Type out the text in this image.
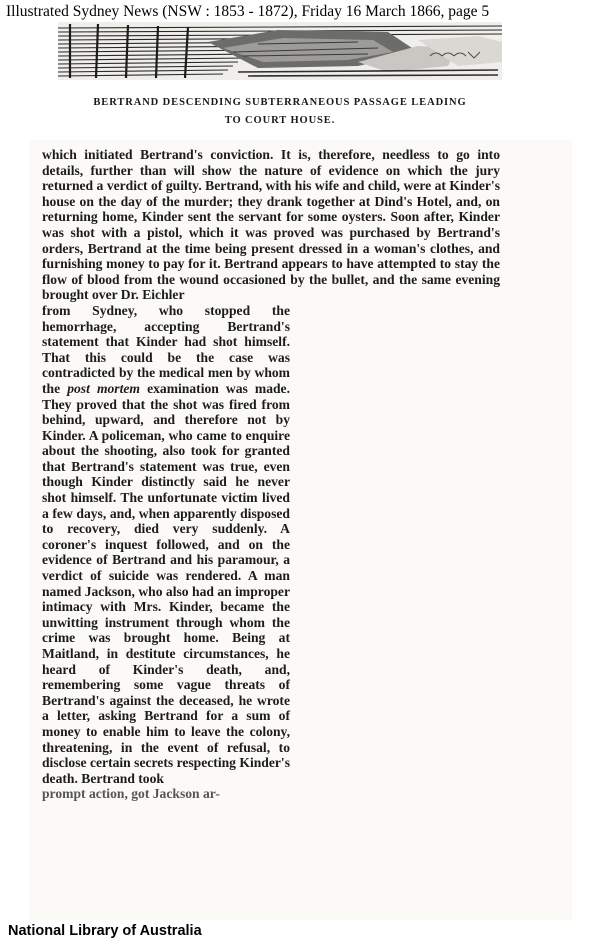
Illustrated Sydney News (NSW : 1853 - 1872), Friday 16 March 1866, page 5
BERTRAND DESCENDING SUBTERRANEOUS PASSAGE LEADING
TO COURT HOUSE.

which initiated Bertrand's conviction. It is, therefore, needless to go into details, further than will show the nature of evidence on which the jury returned a verdict of guilty. Bertrand, with his wife and child, were at Kinder's house on the day of the murder; they drank together at Dind's Hotel, and, on returning home, Kinder sent the servant for some oysters. Soon after, Kinder was shot with a pistol, which it was proved was purchased by Bertrand's orders, Bertrand at the time being present dressed in a woman's clothes, and furnishing money to pay for it. Bertrand appears to have attempted to stay the flow of blood from the wound occasioned by the bullet, and the same evening brought over Dr. Eichler

from Sydney, who stopped the hemorrhage, accepting Bertrand's statement that Kinder had shot himself. That this could be the case was contradicted by the medical men by whom the post mortem examination was made. They proved that the shot was fired from behind, upward, and therefore not by Kinder. A policeman, who came to enquire about the shooting, also took for granted that Bertrand's statement was true, even though Kinder distinctly said he never shot himself. The unfortunate victim lived a few days, and, when apparently disposed to recovery, died very suddenly. A coroner's inquest followed, and on the evidence of Bertrand and his paramour, a verdict of suicide was rendered. A man named Jackson, who also had an improper intimacy with Mrs. Kinder, became the unwitting instrument through whom the crime was brought home. Being at Maitland, in destitute circumstances, he heard of Kinder's death, and, remembering some vague threats of Bertrand's against the deceased, he wrote a letter, asking Bertrand for a sum of money to enable him to leave the colony, threatening, in the event of refusal, to disclose certain secrets respecting Kinder's death. Bertrand took

prompt action, got Jackson ar-

National Library of Australia
